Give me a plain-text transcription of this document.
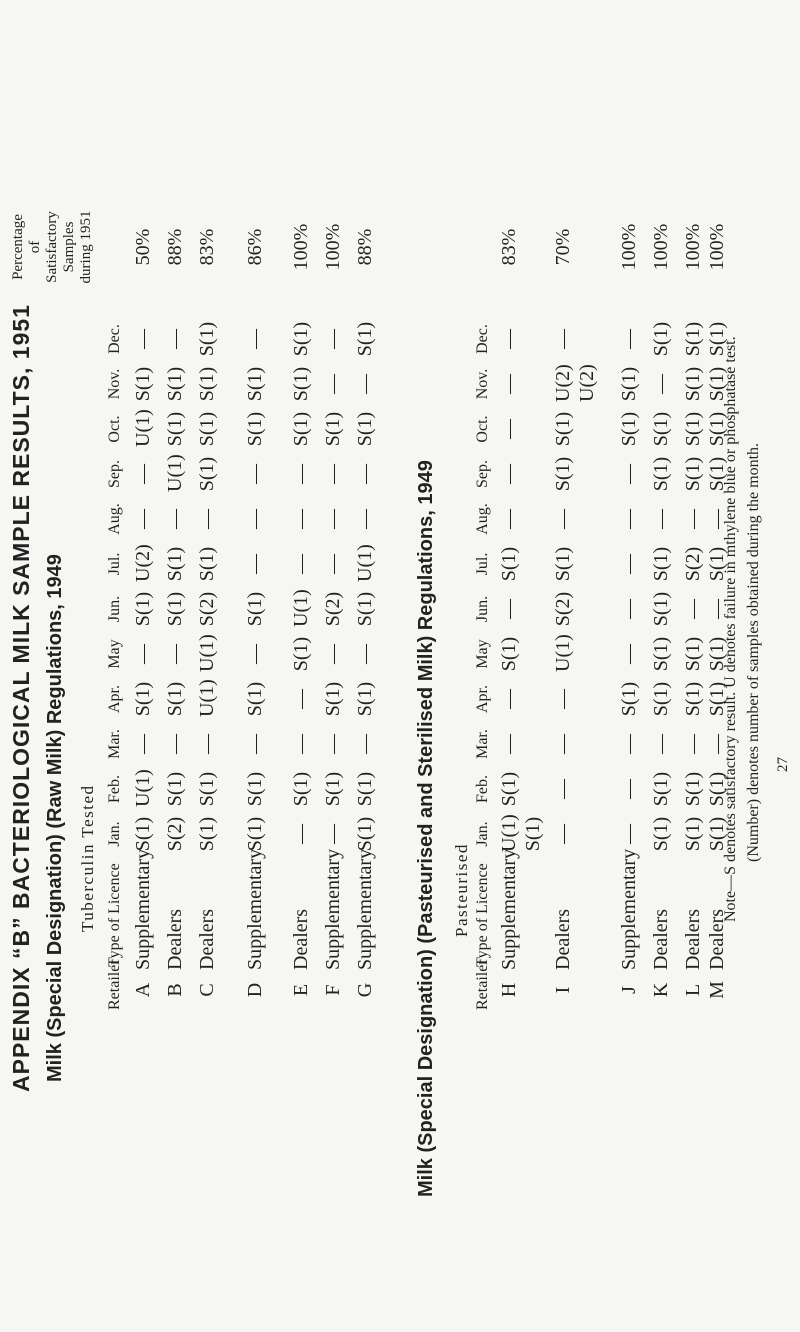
APPENDIX “B” BACTERIOLOGICAL MILK SAMPLE RESULTS, 1951 Milk (Special Designation) (Raw Milk) Regulations, 1949 Tuberculin Tested
Retailer
Type of Licence
Jan.
Feb.
Mar.
Apr.
May
Jun.
Jul.
Aug.
Sep.
Oct.
Nov.
Dec.
Percentage of Satisfactory Samples during 1951
A
Supplementary
S(1)
U(1)
—
S(1)
—
S(1)
U(2)
—
—
U(1)
S(1)
—
50%
B
Dealers
S(2)
S(1)
—
S(1)
—
S(1)
S(1)
—
U(1)
S(1)
S(1)
—
88%
C
Dealers
S(1)
S(1)
—
U(1)
U(1)
S(2)
S(1)
—
S(1)
S(1)
S(1)
S(1)
83%
D
Supplementary
S(1)
S(1)
—
S(1)
—
S(1)
—
—
—
S(1)
S(1)
—
86%
E
Dealers
—
S(1)
—
—
S(1)
U(1)
—
—
—
S(1)
S(1)
S(1)
100%
F
Supplementary
—
S(1)
—
S(1)
—
S(2)
—
—
—
S(1)
—
—
100%
G
Supplementary
S(1)
S(1)
—
S(1)
—
S(1)
U(1)
—
—
S(1)
—
S(1)
88%
Milk (Special Designation) (Pasteurised and Sterilised Milk) Regulations, 1949 Pasteurised
Retailer
Type of Licence
Jan.
Feb.
Mar.
Apr.
May
Jun.
Jul.
Aug.
Sep.
Oct.
Nov.
Dec.
H
Supplementary
U(1)
S(1)
—
—
S(1)
—
S(1)
—
—
—
—
—
83%
S(1)
I
Dealers
—
—
—
—
U(1)
S(2)
S(1)
—
S(1)
S(1)
U(2)
—
70%
U(2)
J
Supplementary
—
—
—
S(1)
—
—
—
—
—
S(1)
S(1)
—
100%
K
Dealers
S(1)
S(1)
—
S(1)
S(1)
S(1)
S(1)
—
S(1)
S(1)
—
S(1)
100%
L
Dealers
S(1)
S(1)
—
S(1)
S(1)
—
S(2)
—
S(1)
S(1)
S(1)
S(1)
100%
M
Dealers
S(1)
S(1)
—
S(1)
S(1)
—
S(1)
—
S(1)
S(1)
S(1)
S(1)
100%
Note—S denotes satisfactory result. U denotes failure in mthylene blue or phosphatase test. (Number) denotes number of samples obtained during the month. 27
